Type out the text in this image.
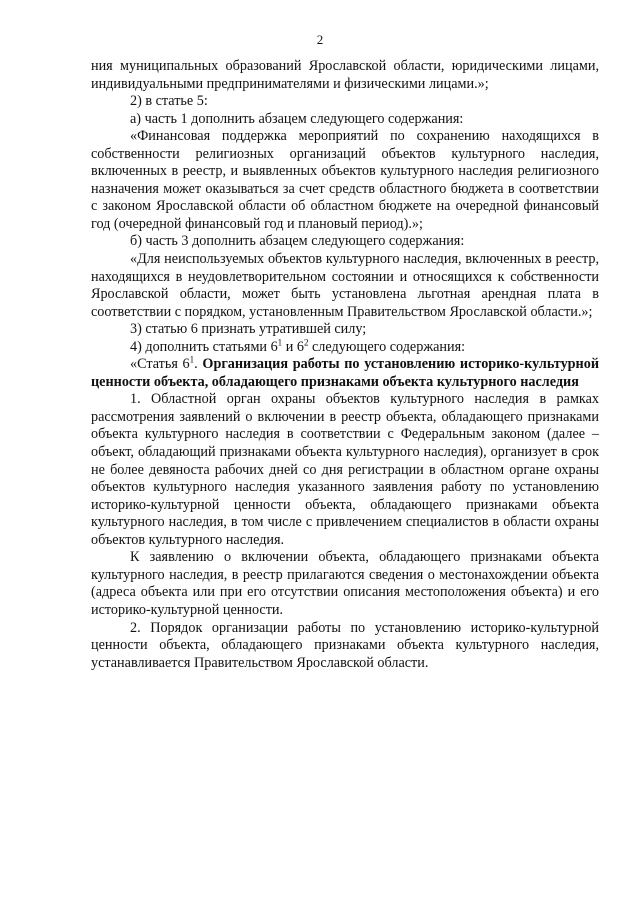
2

ния муниципальных образований Ярославской области, юридическими лицами, индивидуальными предпринимателями и физическими лицами.»;

2) в статье 5:

а) часть 1 дополнить абзацем следующего содержания:

«Финансовая поддержка мероприятий по сохранению находящихся в собственности религиозных организаций объектов культурного наследия, включенных в реестр, и выявленных объектов культурного наследия религиозного назначения может оказываться за счет средств областного бюджета в соответствии с законом Ярославской области об областном бюджете на очередной финансовый год (очередной финансовый год и плановый период).»;

б) часть 3 дополнить абзацем следующего содержания:

«Для неиспользуемых объектов культурного наследия, включенных в реестр, находящихся в неудовлетворительном состоянии и относящихся к собственности Ярославской области, может быть установлена льготная арендная плата в соответствии с порядком, установленным Правительством Ярославской области.»;

3) статью 6 признать утратившей силу;

4) дополнить статьями $6^1$ и $6^2$ следующего содержания:

«Статья $6^1$. Организация работы по установлению историко-культурной ценности объекта, обладающего признаками объекта культурного наследия

1. Областной орган охраны объектов культурного наследия в рамках рассмотрения заявлений о включении в реестр объекта, обладающего признаками объекта культурного наследия в соответствии с Федеральным законом (далее – объект, обладающий признаками объекта культурного наследия), организует в срок не более девяноста рабочих дней со дня регистрации в областном органе охраны объектов культурного наследия указанного заявления работу по установлению историко-культурной ценности объекта, обладающего признаками объекта культурного наследия, в том числе с привлечением специалистов в области охраны объектов культурного наследия.

К заявлению о включении объекта, обладающего признаками объекта культурного наследия, в реестр прилагаются сведения о местонахождении объекта (адреса объекта или при его отсутствии описания местоположения объекта) и его историко-культурной ценности.

2. Порядок организации работы по установлению историко-культурной ценности объекта, обладающего признаками объекта культурного наследия, устанавливается Правительством Ярославской области.
